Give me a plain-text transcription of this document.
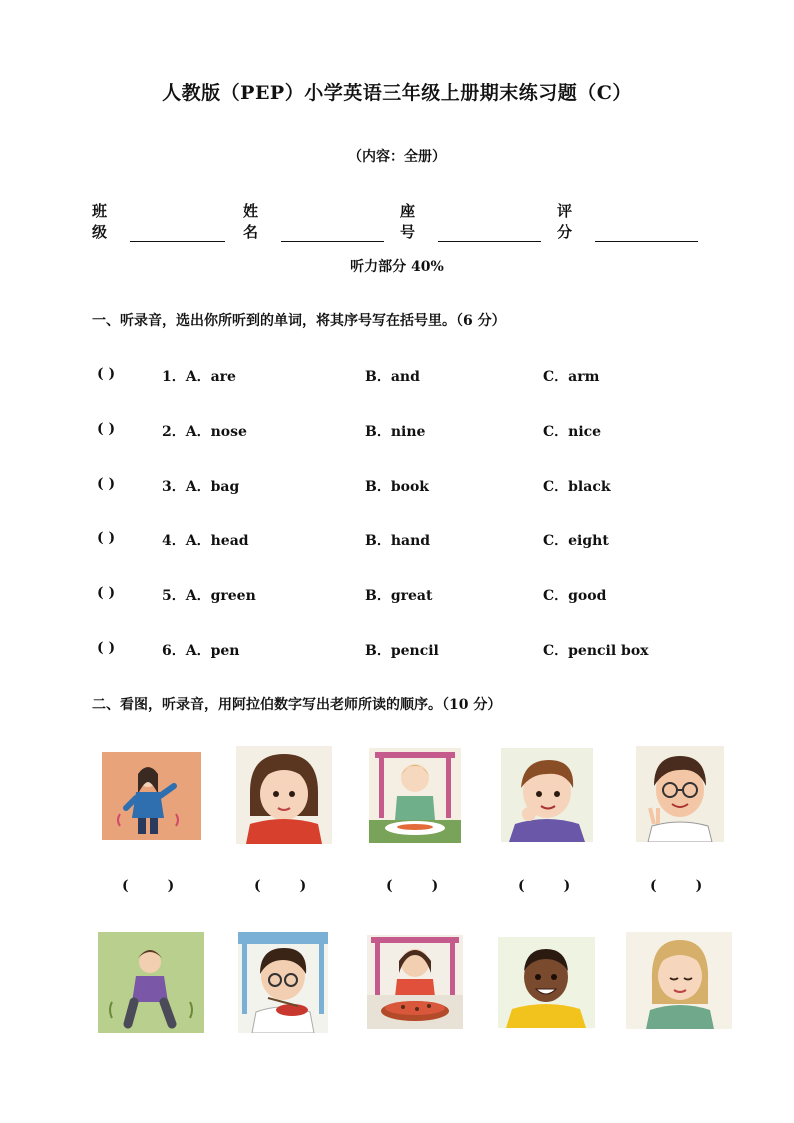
人教版（PEP）小学英语三年级上册期末练习题（C）
（内容：全册）
班级
姓名
座号
评分
听力部分 40%
一、听录音，选出你所听到的单词，将其序号写在括号里。（6 分）
( )	1．A．are	B．and	C．arm
( )	2．A．nose	B．nine	C．nice
( )	3．A．bag	B．book	C．black
( )	4．A．head	B．hand	C．eight
( )	5．A．green	B．great	C．good
( )	6．A．pen	B．pencil	C．pencil box
二、看图，听录音，用阿拉伯数字写出老师所读的顺序。（10 分）
(        )	(        )	(        )	(        )	(        )
